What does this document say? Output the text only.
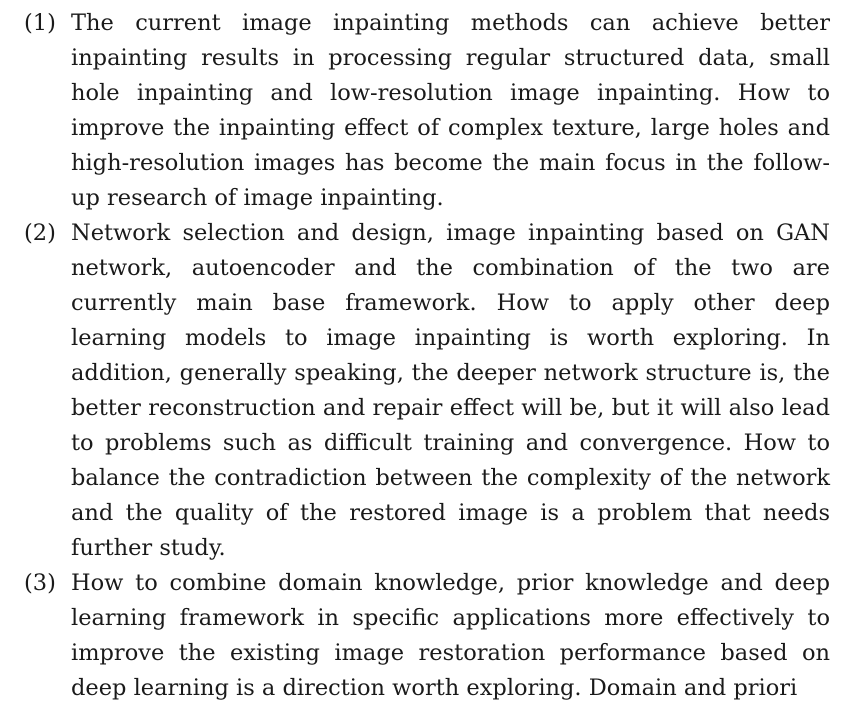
(1) The current image inpainting methods can achieve better inpainting results in processing regular structured data, small hole inpainting and low-resolution image inpainting. How to improve the inpainting effect of complex texture, large holes and high-resolution images has become the main focus in the follow-up research of image inpainting.
(2) Network selection and design, image inpainting based on GAN network, autoencoder and the combination of the two are currently main base framework. How to apply other deep learning models to image inpainting is worth exploring. In addition, generally speaking, the deeper network structure is, the better reconstruction and repair effect will be, but it will also lead to problems such as difficult training and convergence. How to balance the contradiction between the complexity of the network and the quality of the restored image is a problem that needs further study.
(3) How to combine domain knowledge, prior knowledge and deep learning framework in specific applications more effectively to improve the existing image restoration performance based on deep learning is a direction worth exploring. Domain and priori
